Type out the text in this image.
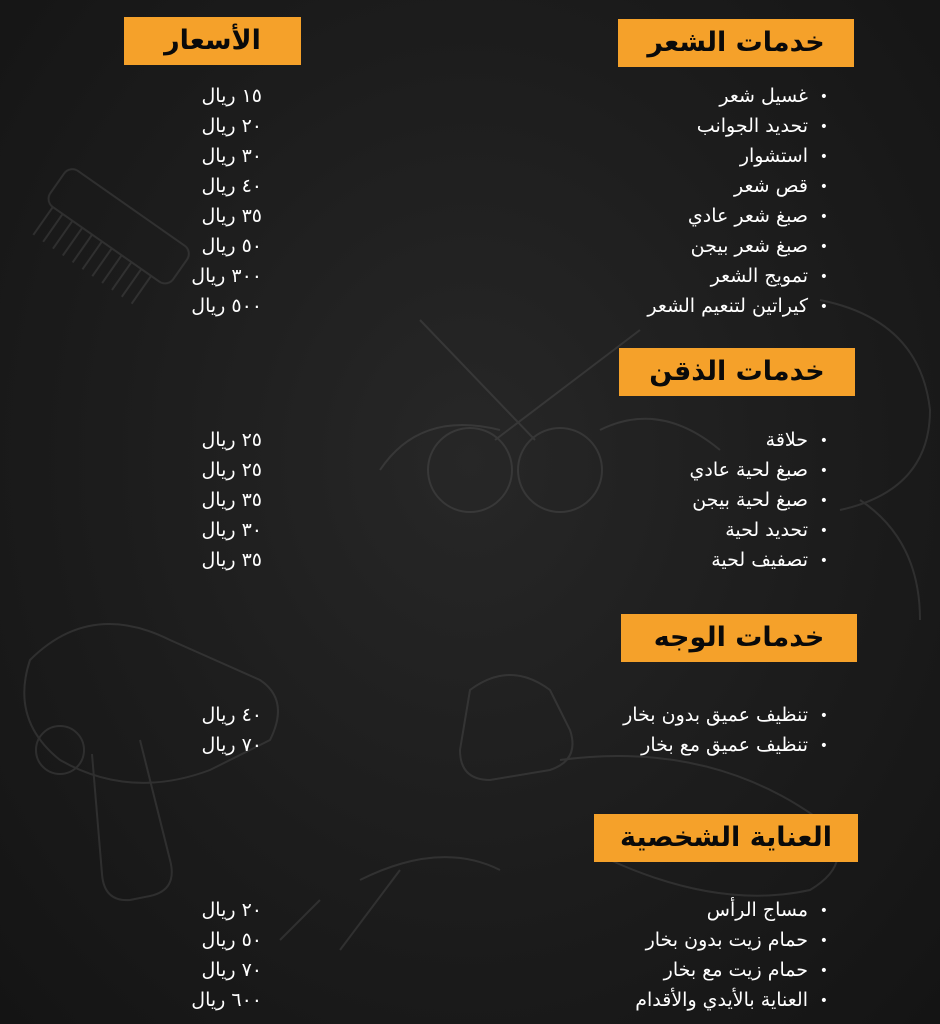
خدمات الشعر
الأسعار
•غسيل شعر
•تحديد الجوانب
•استشوار
•قص شعر
•صبغ شعر عادي
•صبغ شعر بيجن
•تمويج الشعر
•كيراتين لتنعيم الشعر
١٥ ريال
٢٠ ريال
٣٠ ريال
٤٠ ريال
٣٥ ريال
٥٠ ريال
٣٠٠ ريال
٥٠٠ ريال
خدمات الذقن
•حلاقة
•صبغ لحية عادي
•صبغ لحية بيجن
•تحديد لحية
•تصفيف لحية
٢٥ ريال
٢٥ ريال
٣٥ ريال
٣٠ ريال
٣٥ ريال
خدمات الوجه
•تنظيف عميق بدون بخار
•تنظيف عميق مع بخار
٤٠ ريال
٧٠ ريال
العناية الشخصية
•مساج الرأس
•حمام زيت بدون بخار
•حمام زيت مع بخار
•العناية بالأيدي والأقدام
٢٠ ريال
٥٠ ريال
٧٠ ريال
٦٠٠ ريال
